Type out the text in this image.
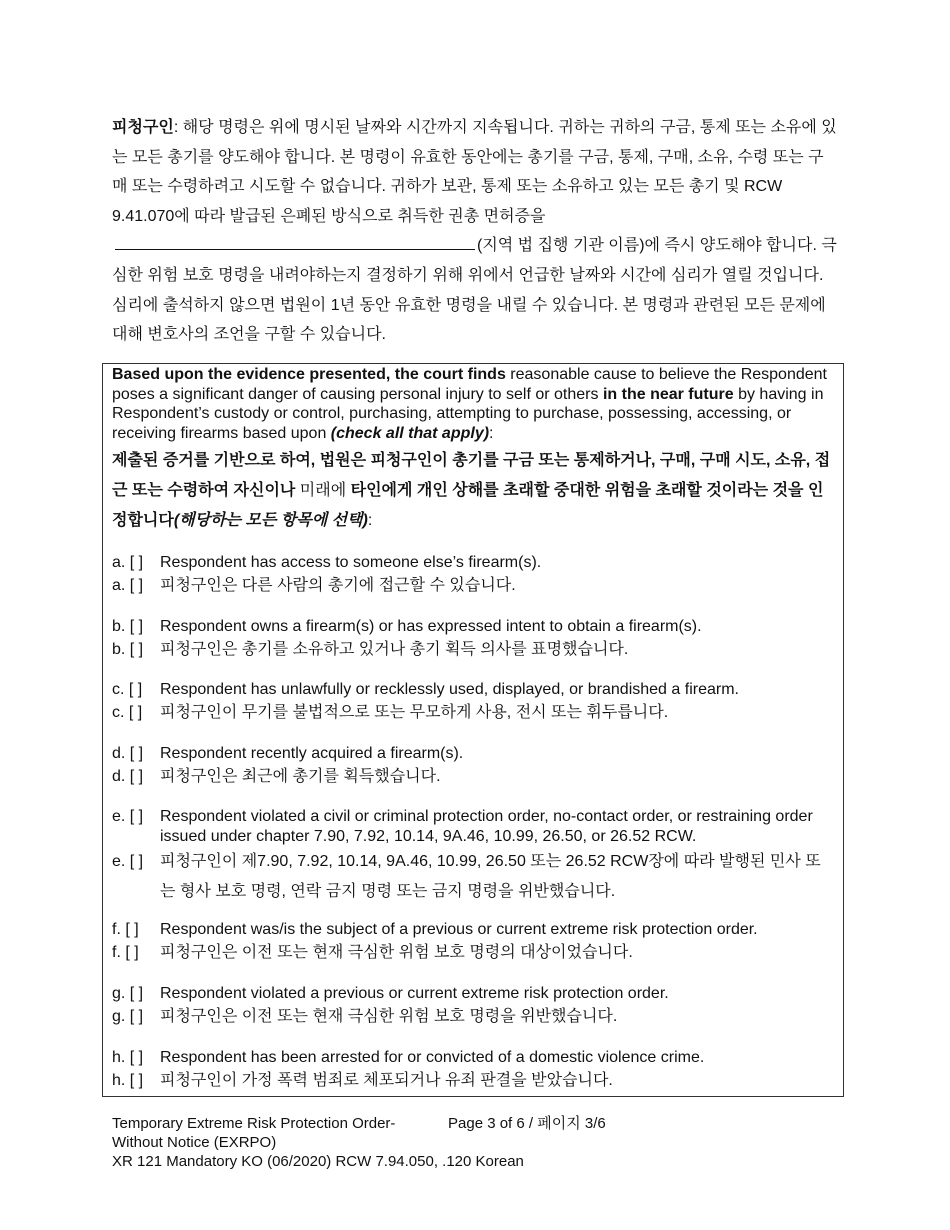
피청구인: 해당 명령은 위에 명시된 날짜와 시간까지 지속됩니다. 귀하는 귀하의 구금, 통제 또는 소유에 있는 모든 총기를 양도해야 합니다. 본 명령이 유효한 동안에는 총기를 구금, 통제, 구매, 소유, 수령 또는 구매 또는 수령하려고 시도할 수 없습니다. 귀하가 보관, 통제 또는 소유하고 있는 모든 총기 및 RCW 9.41.070에 따라 발급된 은폐된 방식으로 취득한 권총 면허증을(지역 법 집행 기관 이름)에 즉시 양도해야 합니다. 극심한 위험 보호 명령을 내려야하는지 결정하기 위해 위에서 언급한 날짜와 시간에 심리가 열릴 것입니다. 심리에 출석하지 않으면 법원이 1년 동안 유효한 명령을 내릴 수 있습니다. 본 명령과 관련된 모든 문제에 대해 변호사의 조언을 구할 수 있습니다.

Based upon the evidence presented, the court finds reasonable cause to believe the Respondent poses a significant danger of causing personal injury to self or others in the near future by having in Respondent’s custody or control, purchasing, attempting to purchase, possessing, accessing, or receiving firearms based upon (check all that apply):

제출된 증거를 기반으로 하여, 법원은 피청구인이 총기를 구금 또는 통제하거나, 구매, 구매 시도, 소유, 접근 또는 수령하여 자신이나 미래에 타인에게 개인 상해를 초래할 중대한 위험을 초래할 것이라는 것을 인정합니다(해당하는 모든 항목에 선택):

a. [ ]	Respondent has access to someone else’s firearm(s).
a. [ ]	피청구인은 다른 사람의 총기에 접근할 수 있습니다.
b. [ ]	Respondent owns a firearm(s) or has expressed intent to obtain a firearm(s).
b. [ ]	피청구인은 총기를 소유하고 있거나 총기 획득 의사를 표명했습니다.
c. [ ]	Respondent has unlawfully or recklessly used, displayed, or brandished a firearm.
c. [ ]	피청구인이 무기를 불법적으로 또는 무모하게 사용, 전시 또는 휘두릅니다.
d. [ ]	Respondent recently acquired a firearm(s).
d. [ ]	피청구인은 최근에 총기를 획득했습니다.
e. [ ]	Respondent violated a civil or criminal protection order, no-contact order, or restraining order issued under chapter 7.90, 7.92, 10.14, 9A.46, 10.99, 26.50, or 26.52 RCW.
e. [ ]	피청구인이 제7.90, 7.92, 10.14, 9A.46, 10.99, 26.50 또는 26.52 RCW장에 따라 발행된 민사 또는 형사 보호 명령, 연락 금지 명령 또는 금지 명령을 위반했습니다.
f. [ ]	Respondent was/is the subject of a previous or current extreme risk protection order.
f. [ ]	피청구인은 이전 또는 현재 극심한 위험 보호 명령의 대상이었습니다.
g. [ ]	Respondent violated a previous or current extreme risk protection order.
g. [ ]	피청구인은 이전 또는 현재 극심한 위험 보호 명령을 위반했습니다.
h. [ ]	Respondent has been arrested for or convicted of a domestic violence crime.
h. [ ]	피청구인이 가정 폭력 범죄로 체포되거나 유죄 판결을 받았습니다.
Temporary Extreme Risk Protection Order-
Without Notice (EXRPO)
XR 121 Mandatory KO (06/2020) RCW 7.94.050, .120 Korean
Page 3 of 6 / 페이지 3/6
